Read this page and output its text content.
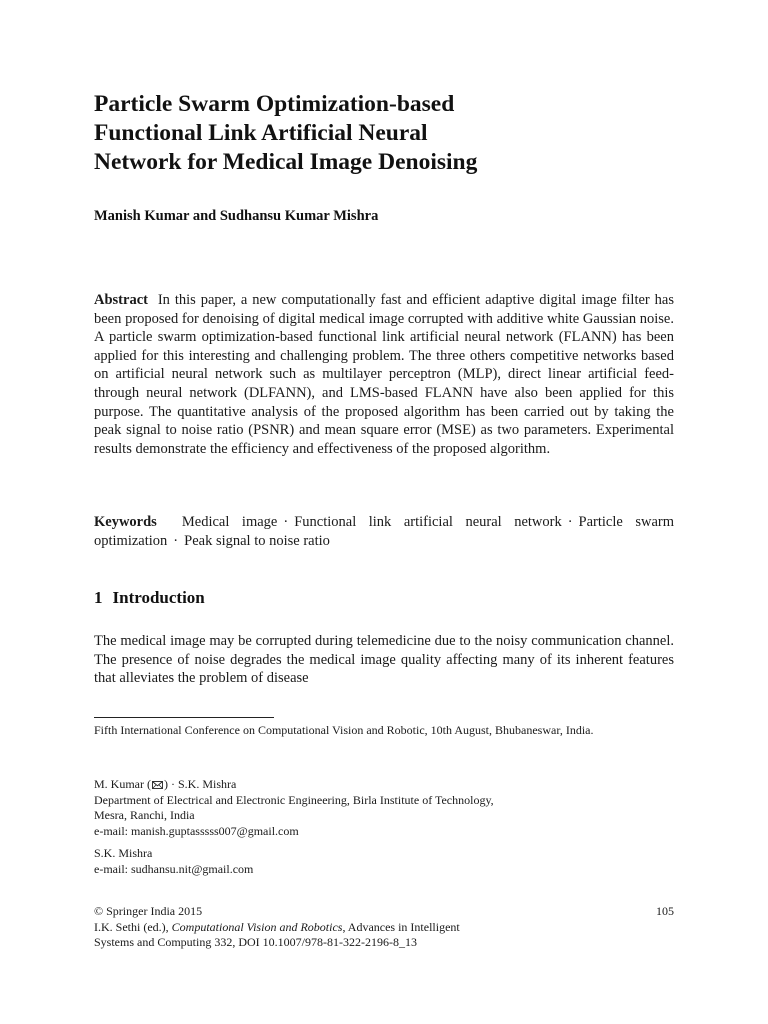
Particle Swarm Optimization-based
Functional Link Artificial Neural
Network for Medical Image Denoising
Manish Kumar and Sudhansu Kumar Mishra
Abstract In this paper, a new computationally fast and efficient adaptive digital image filter has been proposed for denoising of digital medical image corrupted with additive white Gaussian noise. A particle swarm optimization-based functional link artificial neural network (FLANN) has been applied for this interesting and challenging problem. The three others competitive networks based on artificial neural network such as multilayer perceptron (MLP), direct linear artificial feed-through neural network (DLFANN), and LMS-based FLANN have also been applied for this purpose. The quantitative analysis of the proposed algorithm has been carried out by taking the peak signal to noise ratio (PSNR) and mean square error (MSE) as two parameters. Experimental results demonstrate the efficiency and effectiveness of the proposed algorithm.
Keywords Medical image · Functional link artificial neural network · Particle swarm optimization · Peak signal to noise ratio
1 Introduction
The medical image may be corrupted during telemedicine due to the noisy communication channel. The presence of noise degrades the medical image quality affecting many of its inherent features that alleviates the problem of disease
Fifth International Conference on Computational Vision and Robotic, 10th August, Bhubaneswar, India.
M. Kumar ( ) · S.K. Mishra
Department of Electrical and Electronic Engineering, Birla Institute of Technology,
Mesra, Ranchi, India
e-mail: manish.guptasssss007@gmail.com
S.K. Mishra
e-mail: sudhansu.nit@gmail.com
© Springer India 2015
I.K. Sethi (ed.), Computational Vision and Robotics, Advances in Intelligent
Systems and Computing 332, DOI 10.1007/978-81-322-2196-8_13
105
